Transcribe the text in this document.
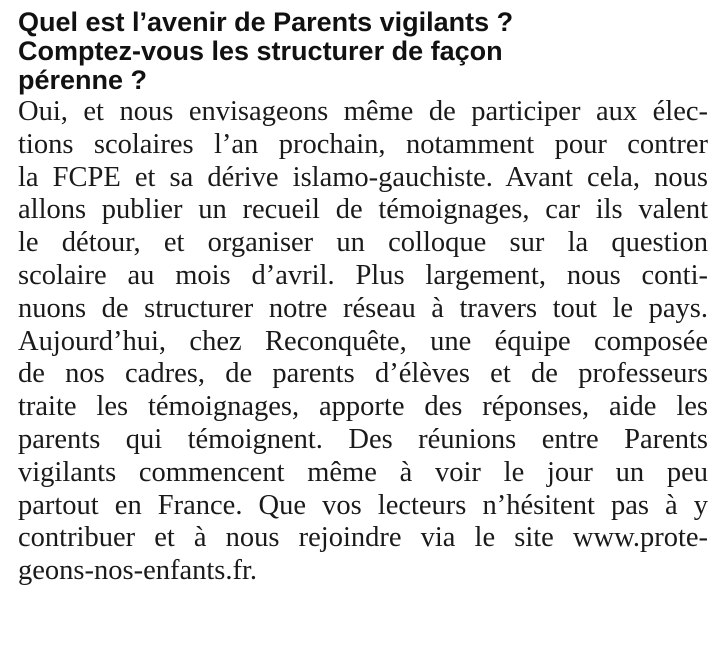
Quel est l’avenir de Parents vigilants ?
Comptez-vous les structurer de façon
pérenne ?
Oui, et nous envisageons même de participer aux élec-
tions scolaires l’an prochain, notamment pour contrer
la FCPE et sa dérive islamo-gauchiste. Avant cela, nous
allons publier un recueil de témoignages, car ils valent
le détour, et organiser un colloque sur la question
scolaire au mois d’avril. Plus largement, nous conti-
nuons de structurer notre réseau à travers tout le pays.
Aujourd’hui, chez Reconquête, une équipe composée
de nos cadres, de parents d’élèves et de professeurs
traite les témoignages, apporte des réponses, aide les
parents qui témoignent. Des réunions entre Parents
vigilants commencent même à voir le jour un peu
partout en France. Que vos lecteurs n’hésitent pas à y
contribuer et à nous rejoindre via le site www.prote-
geons-nos-enfants.fr.
